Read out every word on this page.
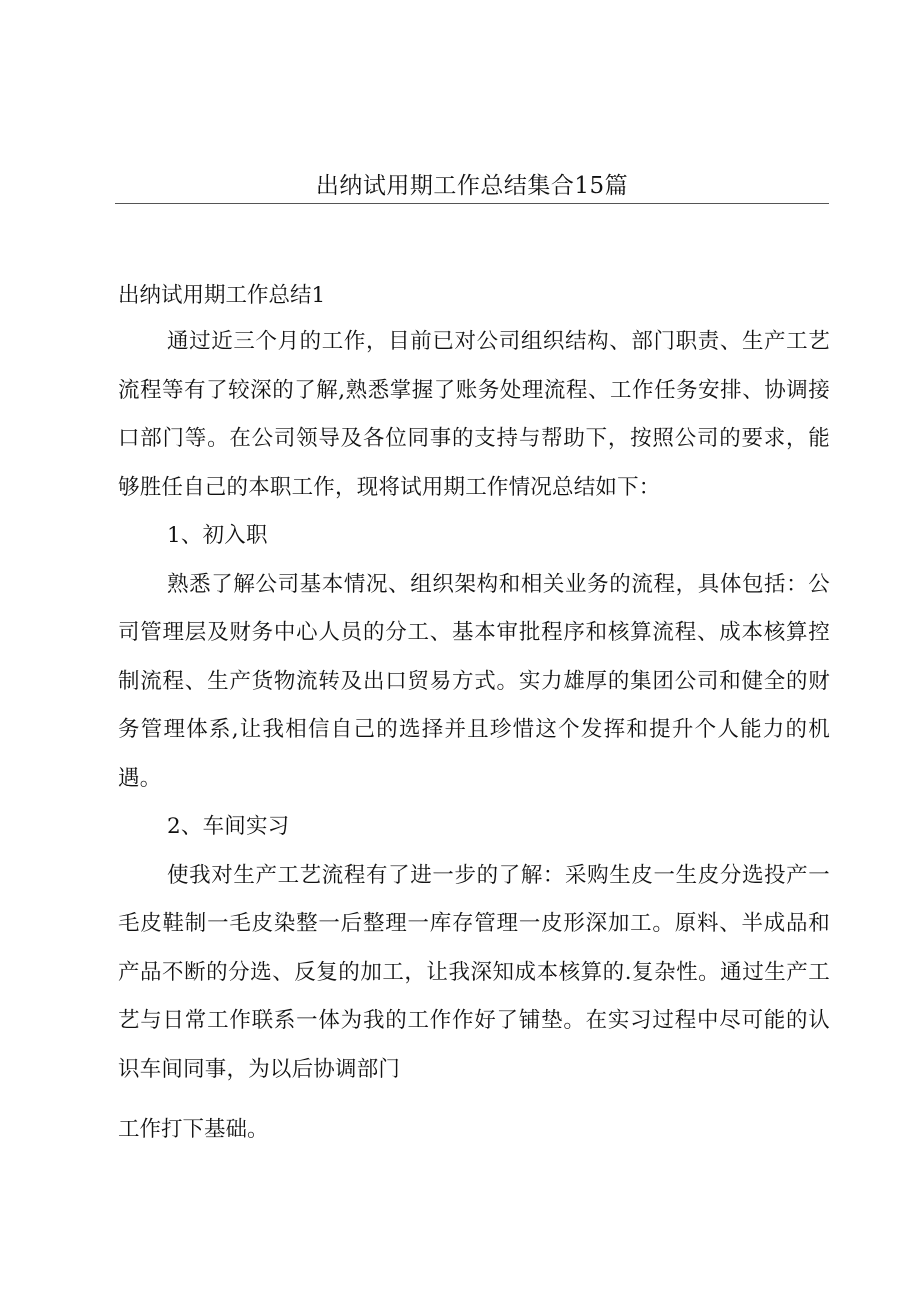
出纳试用期工作总结集合15篇
出纳试用期工作总结1

通过近三个月的工作，目前已对公司组织结构、部门职责、生产工艺流程等有了较深的了解,熟悉掌握了账务处理流程、工作任务安排、协调接口部门等。在公司领导及各位同事的支持与帮助下，按照公司的要求，能够胜任自己的本职工作，现将试用期工作情况总结如下：

1、初入职

熟悉了解公司基本情况、组织架构和相关业务的流程，具体包括：公司管理层及财务中心人员的分工、基本审批程序和核算流程、成本核算控制流程、生产货物流转及出口贸易方式。实力雄厚的集团公司和健全的财务管理体系,让我相信自己的选择并且珍惜这个发挥和提升个人能力的机遇。

2、车间实习

使我对生产工艺流程有了进一步的了解：采购生皮一生皮分选投产一毛皮鞋制一毛皮染整一后整理一库存管理一皮形深加工。原料、半成品和产品不断的分选、反复的加工，让我深知成本核算的.复杂性。通过生产工艺与日常工作联系一体为我的工作作好了铺垫。在实习过程中尽可能的认识车间同事，为以后协调部门

工作打下基础。
